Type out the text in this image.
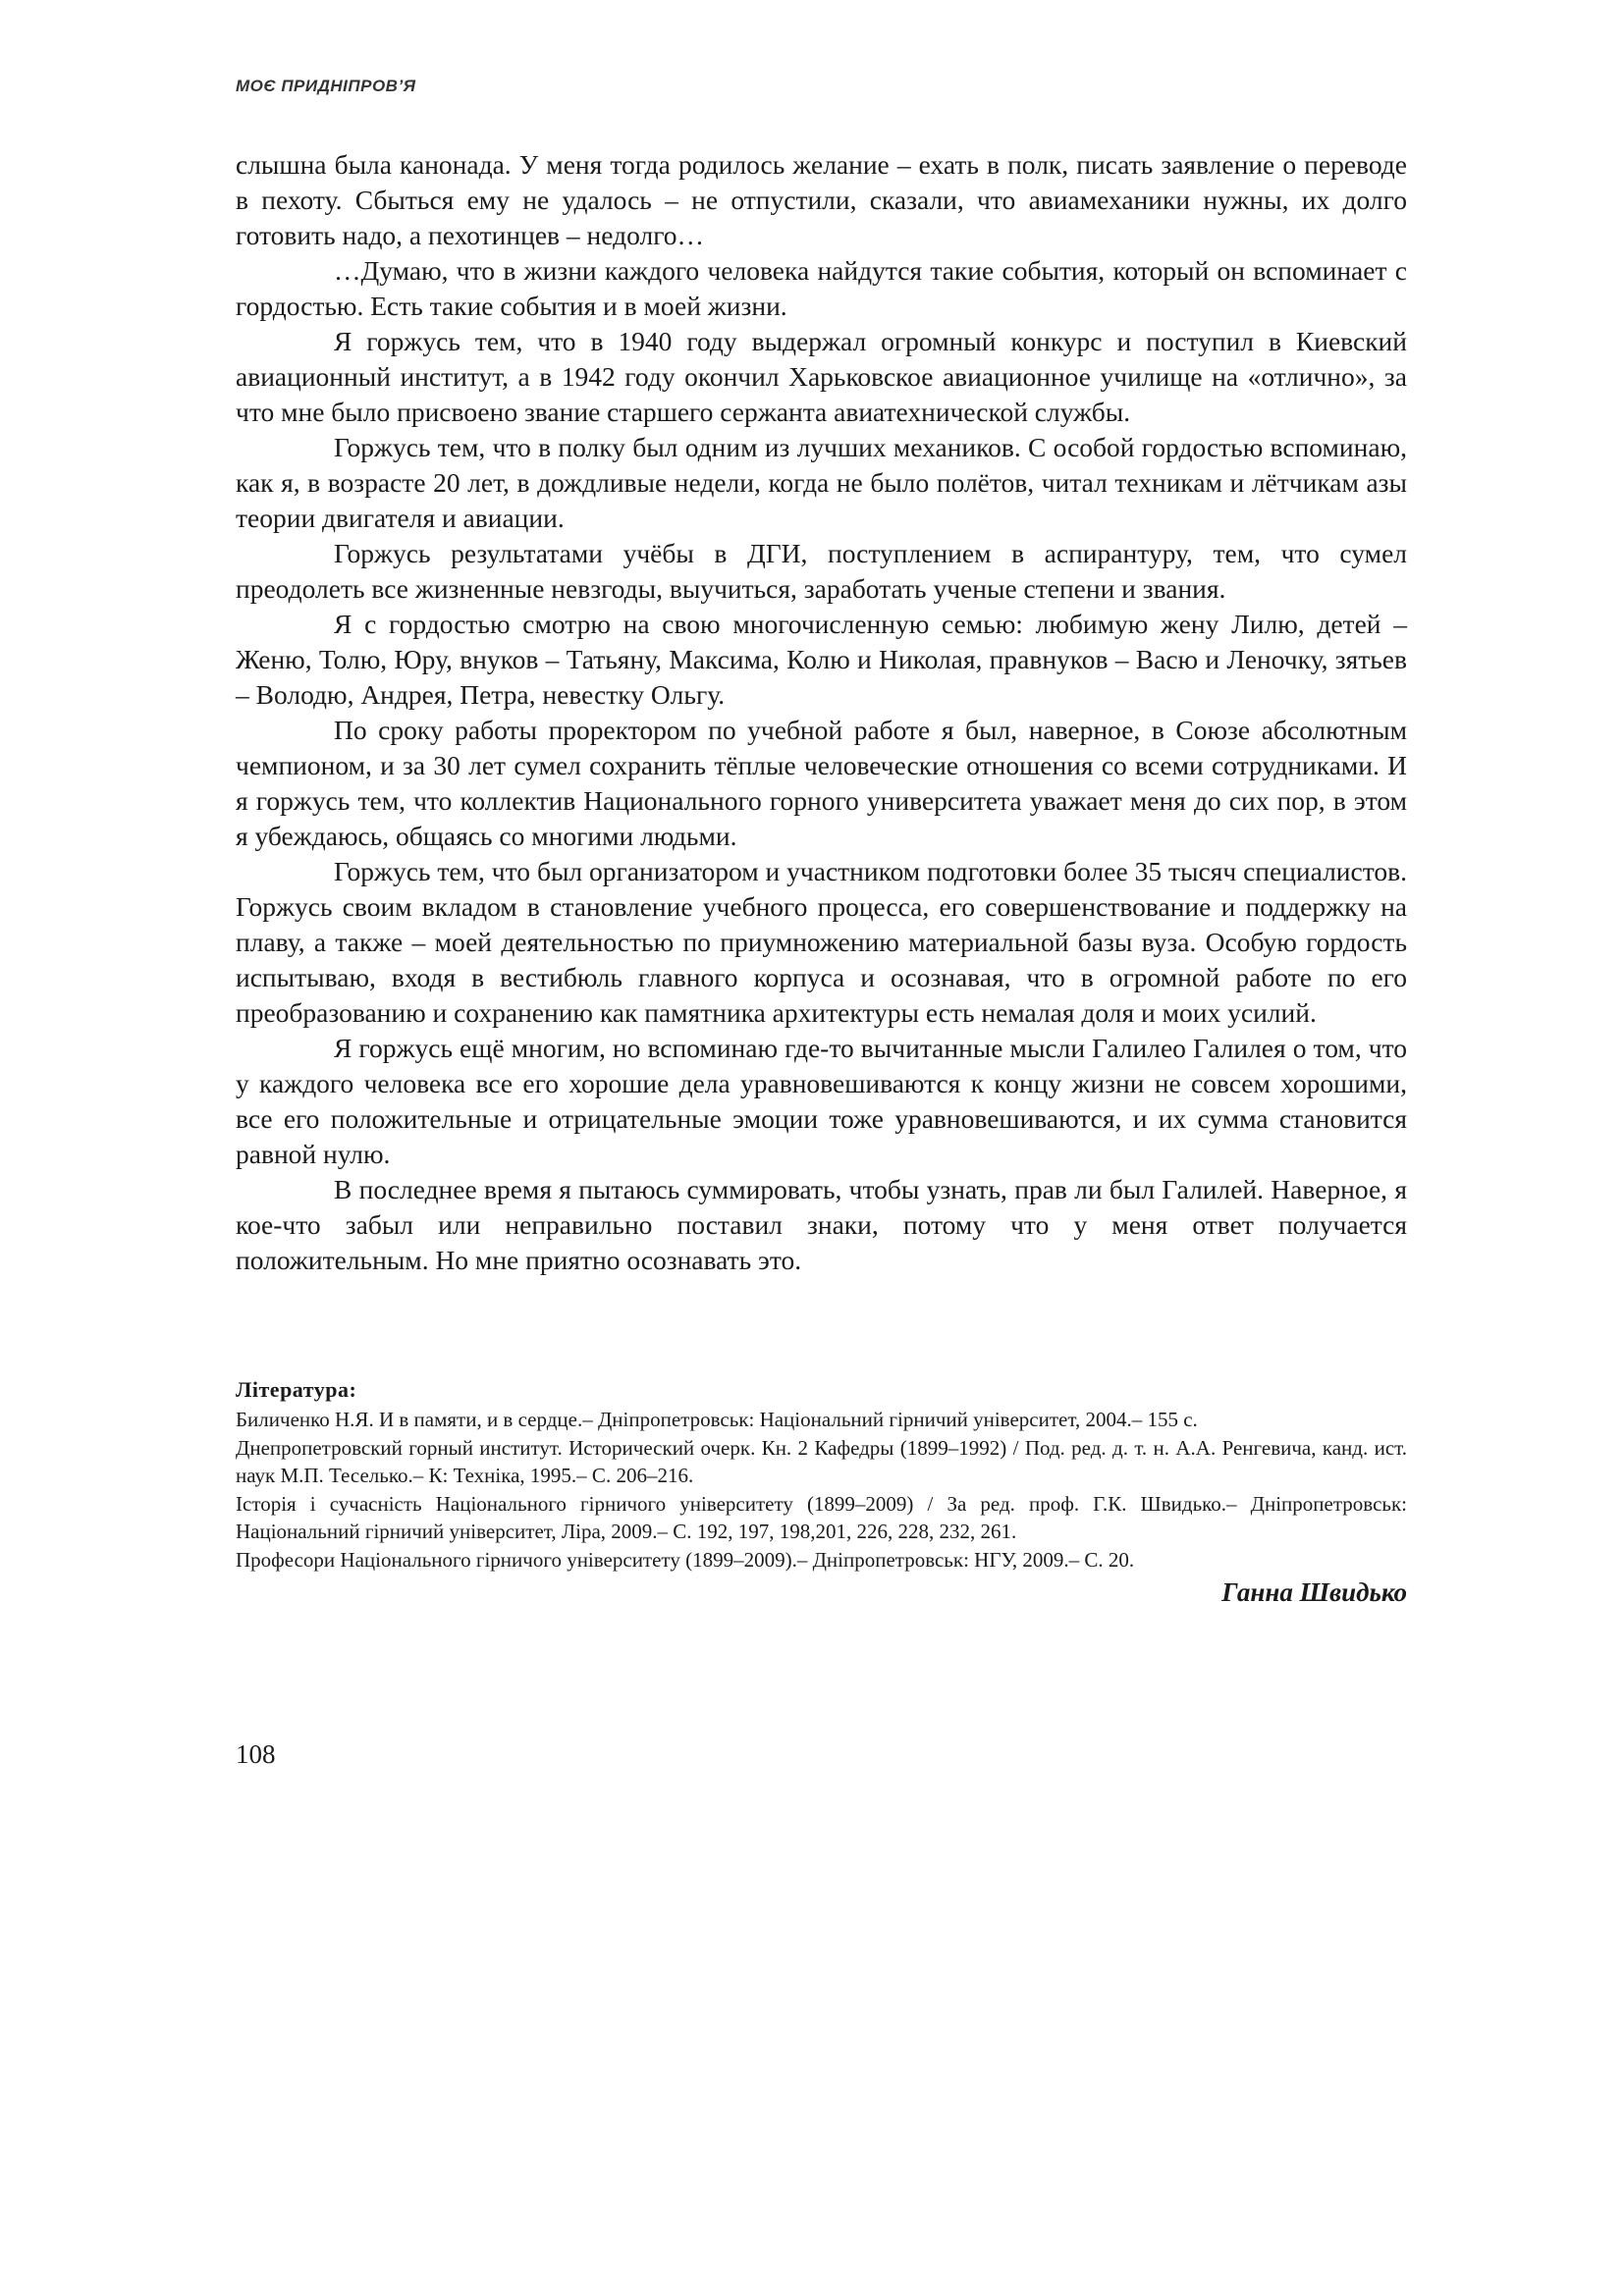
МОЄ ПРИДНІПРОВ’Я

слышна была канонада. У меня тогда родилось желание – ехать в полк, писать заявление о переводе в пехоту. Сбыться ему не удалось – не отпустили, сказали, что авиамеханики нужны, их долго готовить надо, а пехотинцев – недолго…

…Думаю, что в жизни каждого человека найдутся такие события, который он вспоминает с гордостью. Есть такие события и в моей жизни.

Я горжусь тем, что в 1940 году выдержал огромный конкурс и поступил в Киевский авиационный институт, а в 1942 году окончил Харьковское авиационное училище на «отлично», за что мне было присвоено звание старшего сержанта авиатехнической службы.

Горжусь тем, что в полку был одним из лучших механиков. С особой гордостью вспоминаю, как я, в возрасте 20 лет, в дождливые недели, когда не было полётов, читал техникам и лётчикам азы теории двигателя и авиации.

Горжусь результатами учёбы в ДГИ, поступлением в аспирантуру, тем, что сумел преодолеть все жизненные невзгоды, выучиться, заработать ученые степени и звания.

Я с гордостью смотрю на свою многочисленную семью: любимую жену Лилю, детей – Женю, Толю, Юру, внуков – Татьяну, Максима, Колю и Николая, правнуков – Васю и Леночку, зятьев – Володю, Андрея, Петра, невестку Ольгу.

По сроку работы проректором по учебной работе я был, наверное, в Союзе абсолютным чемпионом, и за 30 лет сумел сохранить тёплые человеческие отношения со всеми сотрудниками. И я горжусь тем, что коллектив Национального горного университета уважает меня до сих пор, в этом я убеждаюсь, общаясь со многими людьми.

Горжусь тем, что был организатором и участником подготовки более 35 тысяч специалистов. Горжусь своим вкладом в становление учебного процесса, его совершенствование и поддержку на плаву, а также – моей деятельностью по приумножению материальной базы вуза. Особую гордость испытываю, входя в вестибюль главного корпуса и осознавая, что в огромной работе по его преобразованию и сохранению как памятника архитектуры есть немалая доля и моих усилий.

Я горжусь ещё многим, но вспоминаю где-то вычитанные мысли Галилео Галилея о том, что у каждого человека все его хорошие дела уравновешиваются к концу жизни не совсем хорошими, все его положительные и отрицательные эмоции тоже уравновешиваются, и их сумма становится равной нулю.

В последнее время я пытаюсь суммировать, чтобы узнать, прав ли был Галилей. Наверное, я кое-что забыл или неправильно поставил знаки, потому что у меня ответ получается положительным. Но мне приятно осознавать это.

Література:

Биличенко Н.Я. И в памяти, и в сердце.– Дніпропетровськ: Національний гірничий університет, 2004.– 155 с.

Днепропетровский горный институт. Исторический очерк. Кн. 2 Кафедры (1899–1992) / Под. ред. д. т. н. А.А. Ренгевича, канд. ист. наук М.П. Теселько.– К: Техніка, 1995.– С. 206–216.

Історія і сучасність Національного гірничого університету (1899–2009) / За ред. проф. Г.К. Швидько.– Дніпропетровськ: Національний гірничий університет, Ліра, 2009.– С. 192, 197, 198,201, 226, 228, 232, 261.

Професори Національного гірничого університету (1899–2009).– Дніпропетровськ: НГУ, 2009.– С. 20.

Ганна Швидько
108
